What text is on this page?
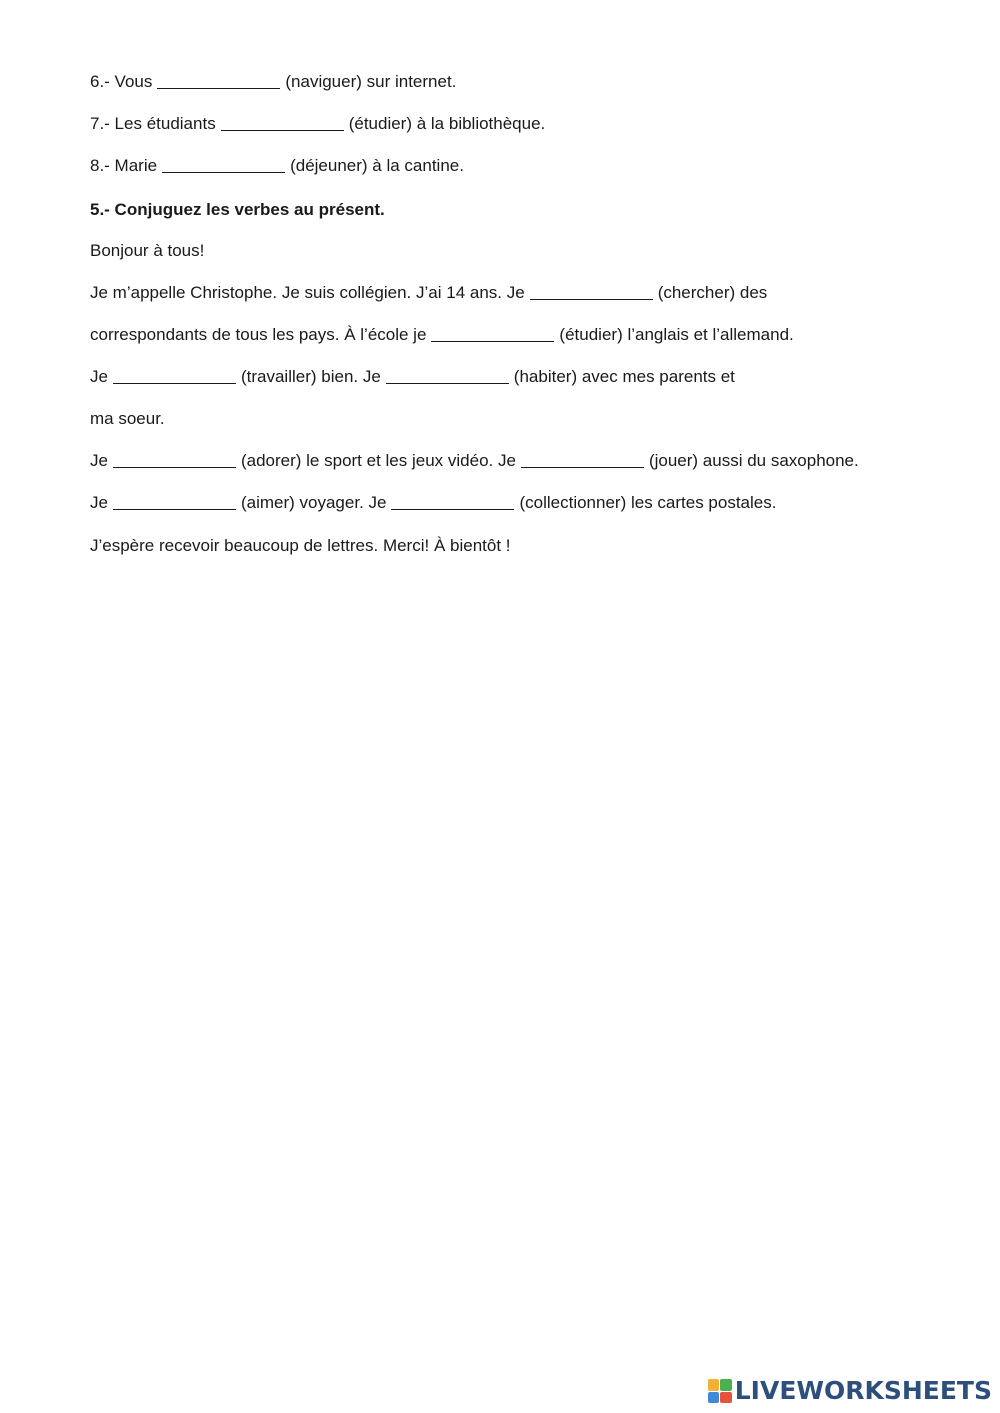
6.- Vous	(naviguer) sur internet.
7.- Les étudiants	(étudier) à la bibliothèque.
8.- Marie	(déjeuner) à la cantine.
5.- Conjuguez les verbes au présent.
Bonjour à tous!
Je m’appelle Christophe. Je suis collégien. J’ai 14 ans. Je	(chercher) des
correspondants de tous les pays. À l’école je	(étudier) l’anglais et l’allemand.
Je	(travailler) bien. Je	(habiter) avec mes parents et
ma soeur.
Je	(adorer) le sport et les jeux vidéo. Je	(jouer) aussi du saxophone.
Je	(aimer) voyager. Je	(collectionner) les cartes postales.
J’espère recevoir beaucoup de lettres. Merci! À bientôt !
LIVEWORKSHEETS
